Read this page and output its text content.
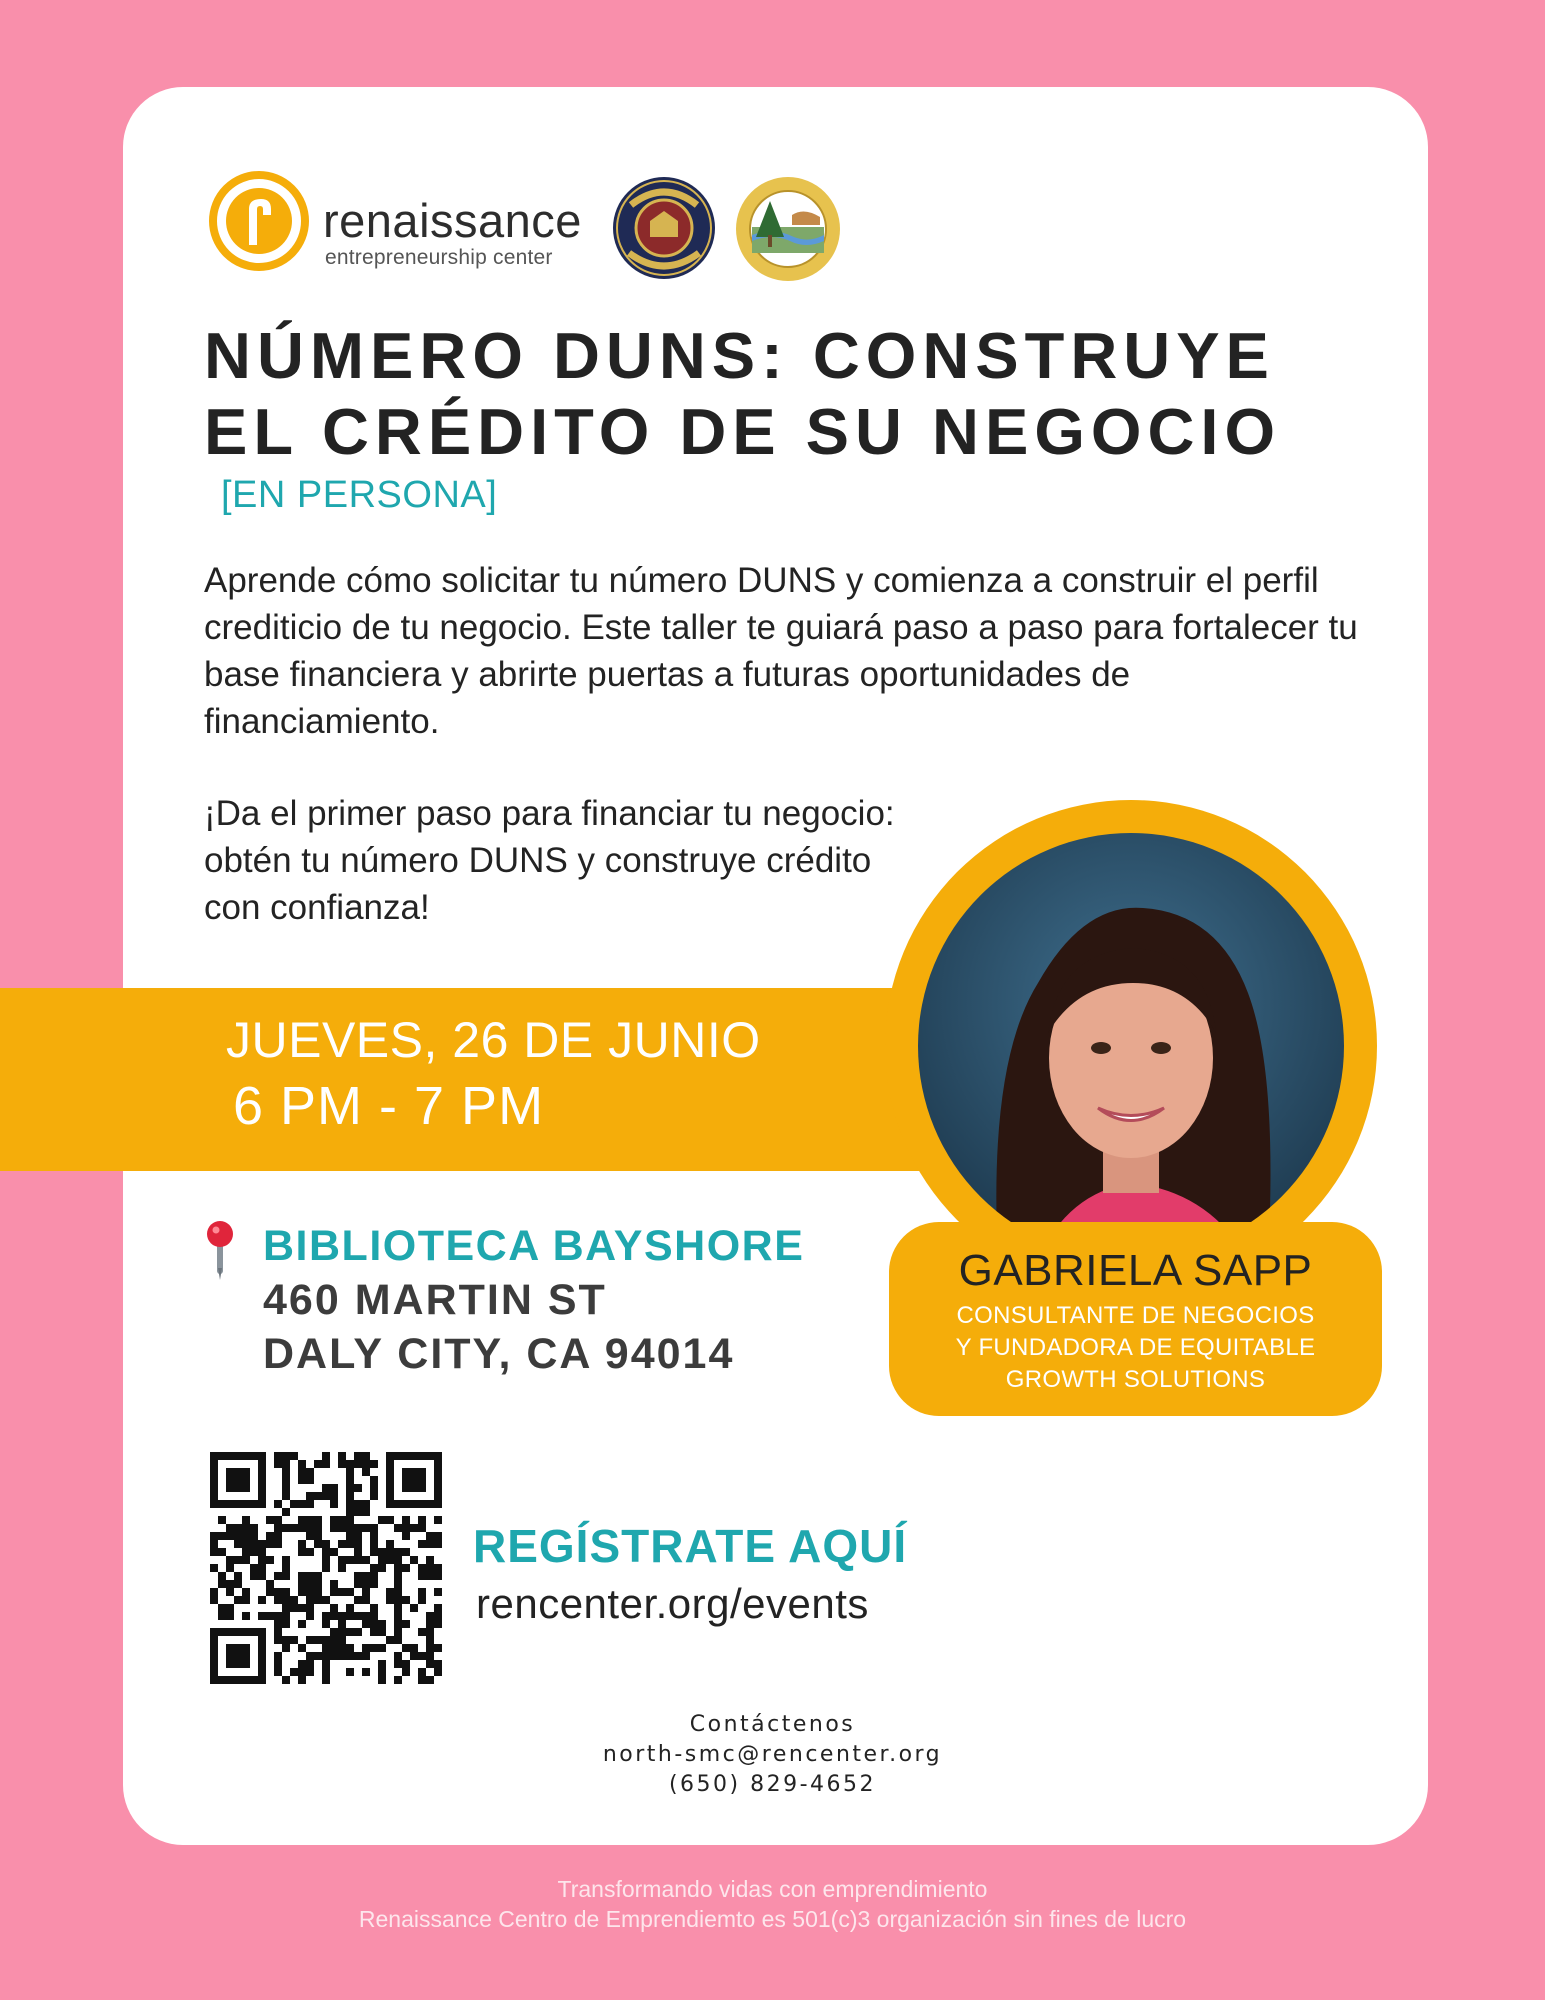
renaissance
entrepreneurship center
NÚMERO DUNS: CONSTRUYE
EL CRÉDITO DE SU NEGOCIO
[EN PERSONA]
Aprende cómo solicitar tu número DUNS y comienza a construir el perfil crediticio de tu negocio. Este taller te guiará paso a paso para fortalecer tu base financiera y abrirte puertas a futuras oportunidades de financiamiento.
¡Da el primer paso para financiar tu negocio: obtén tu número DUNS y construye crédito con confianza!
JUEVES, 26 DE JUNIO
6 PM - 7 PM
GABRIELA SAPP
CONSULTANTE DE NEGOCIOS
Y FUNDADORA DE EQUITABLE
GROWTH SOLUTIONS
BIBLIOTECA BAYSHORE
460 MARTIN ST
DALY CITY, CA 94014
REGÍSTRATE AQUÍ
rencenter.org/events
Contáctenos
north-smc@rencenter.org
(650) 829-4652
Transformando vidas con emprendimiento
Renaissance Centro de Emprendiemto es 501(c)3 organización sin fines de lucro
